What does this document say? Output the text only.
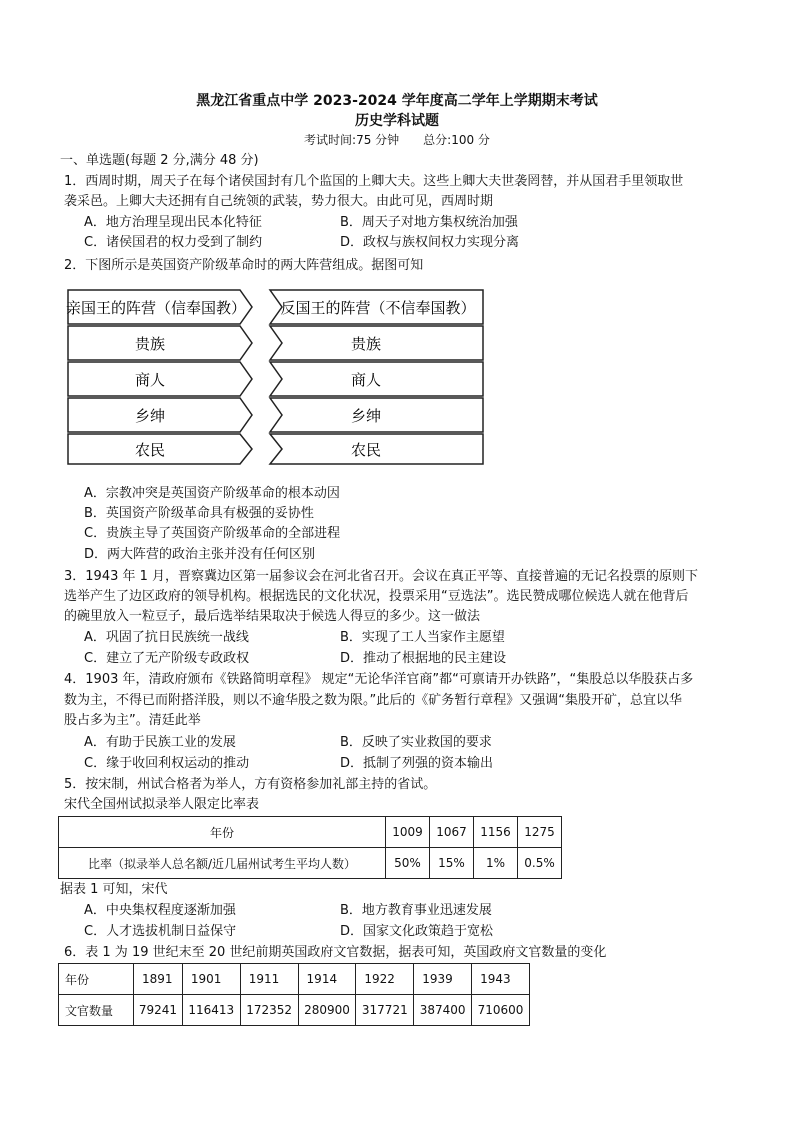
黑龙江省重点中学 2023-2024 学年度高二学年上学期期末考试
历史学科试题
考试时间:75 分钟　　总分:100 分
一、单选题(每题 2 分,满分 48 分)
1．西周时期，周天子在每个诸侯国封有几个监国的上卿大夫。这些上卿大夫世袭罔替，并从国君手里领取世
袭采邑。上卿大夫还拥有自己统领的武装，势力很大。由此可见，西周时期
A．地方治理呈现出民本化特征	B．周天子对地方集权统治加强
C．诸侯国君的权力受到了制约	D．政权与族权间权力实现分离
2．下图所示是英国资产阶级革命时的两大阵营组成。据图可知
亲国王的阵营（信奉国教） 反国王的阵营（不信奉国教）
贵族
商人
乡绅
农民
贵族
商人
乡绅
农民
A．宗教冲突是英国资产阶级革命的根本动因
B．英国资产阶级革命具有极强的妥协性
C．贵族主导了英国资产阶级革命的全部进程
D．两大阵营的政治主张并没有任何区别
3．1943 年 1 月，晋察冀边区第一届参议会在河北省召开。会议在真正平等、直接普遍的无记名投票的原则下
选举产生了边区政府的领导机构。根据选民的文化状况，投票采用“豆选法”。选民赞成哪位候选人就在他背后
的碗里放入一粒豆子，最后选举结果取决于候选人得豆的多少。这一做法
A．巩固了抗日民族统一战线	B．实现了工人当家作主愿望
C．建立了无产阶级专政政权	D．推动了根据地的民主建设
4．1903 年，清政府颁布《铁路简明章程》 规定“无论华洋官商”都“可禀请开办铁路”，“集股总以华股获占多
数为主，不得已而附搭洋股，则以不逾华股之数为限。”此后的《矿务暂行章程》又强调“集股开矿，总宜以华
股占多为主”。清廷此举
A．有助于民族工业的发展	B．反映了实业救国的要求
C．缘于收回利权运动的推动	D．抵制了列强的资本输出
5．按宋制，州试合格者为举人，方有资格参加礼部主持的省试。
宋代全国州试拟录举人限定比率表
年份	1009	1067	1156	1275
比率（拟录举人总名额/近几届州试考生平均人数）	50%	15%	1%	0.5%
据表 1 可知，宋代
A．中央集权程度逐渐加强	B．地方教育事业迅速发展
C．人才选拔机制日益保守	D．国家文化政策趋于宽松
6．表 1 为 19 世纪末至 20 世纪前期英国政府文官数据，据表可知，英国政府文官数量的变化
年份	1891	1901	1911	1914	1922	1939	1943
文官数量	79241	116413	172352	280900	317721	387400	710600
